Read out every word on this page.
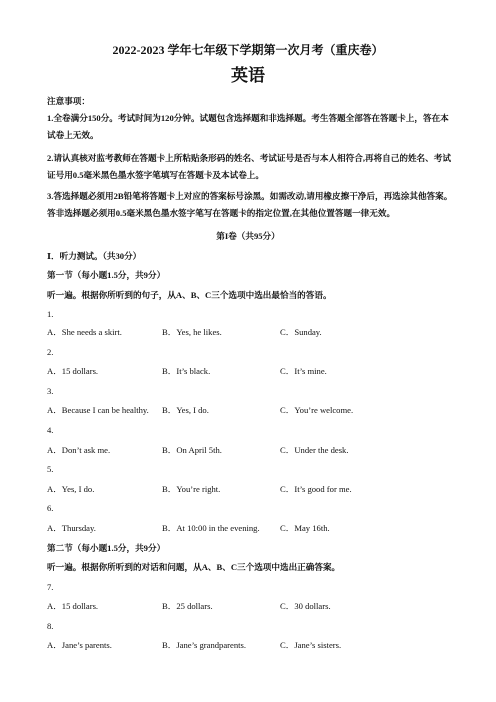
2022-2023 学年七年级下学期第一次月考（重庆卷）
英语
注意事项：
1.全卷满分150分。考试时间为120分钟。试题包含选择题和非选择题。考生答题全部答在答题卡上，答在本试卷上无效。
2.请认真核对监考教师在答题卡上所粘贴条形码的姓名、考试证号是否与本人相符合,再将自己的姓名、考试证号用0.5毫米黑色墨水签字笔填写在答题卡及本试卷上。
3.答选择题必须用2B铅笔将答题卡上对应的答案标号涂黑。如需改动,请用橡皮擦干净后，再选涂其他答案。答非选择题必须用0.5毫米黑色墨水签字笔写在答题卡的指定位置,在其他位置答题一律无效。
第I卷（共95分）
Ⅰ．听力测试。（共30分）
第一节（每小题1.5分，共9分）
听一遍。根据你所听到的句子，从A、B、C三个选项中选出最恰当的答语。
1.
A．She needs a skirt.	B．Yes, he likes.	C．Sunday.
2.
A．15 dollars.	B．It’s black.	C．It’s mine.
3.
A．Because I can be healthy. B．Yes, I do.	C．You’re welcome.
4.
A．Don’t ask me.	B．On April 5th.	C．Under the desk.
5.
A．Yes, I do.	B．You’re right.	C．It’s good for me.
6.
A．Thursday.	B．At 10:00 in the evening. C．May 16th.
第二节（每小题1.5分，共9分）
听一遍。根据你所听到的对话和问题，从A、B、C三个选项中选出正确答案。
7.
A．15 dollars.	B．25 dollars.	C．30 dollars.
8.
A．Jane’s parents.	B．Jane’s grandparents.	C．Jane’s sisters.
